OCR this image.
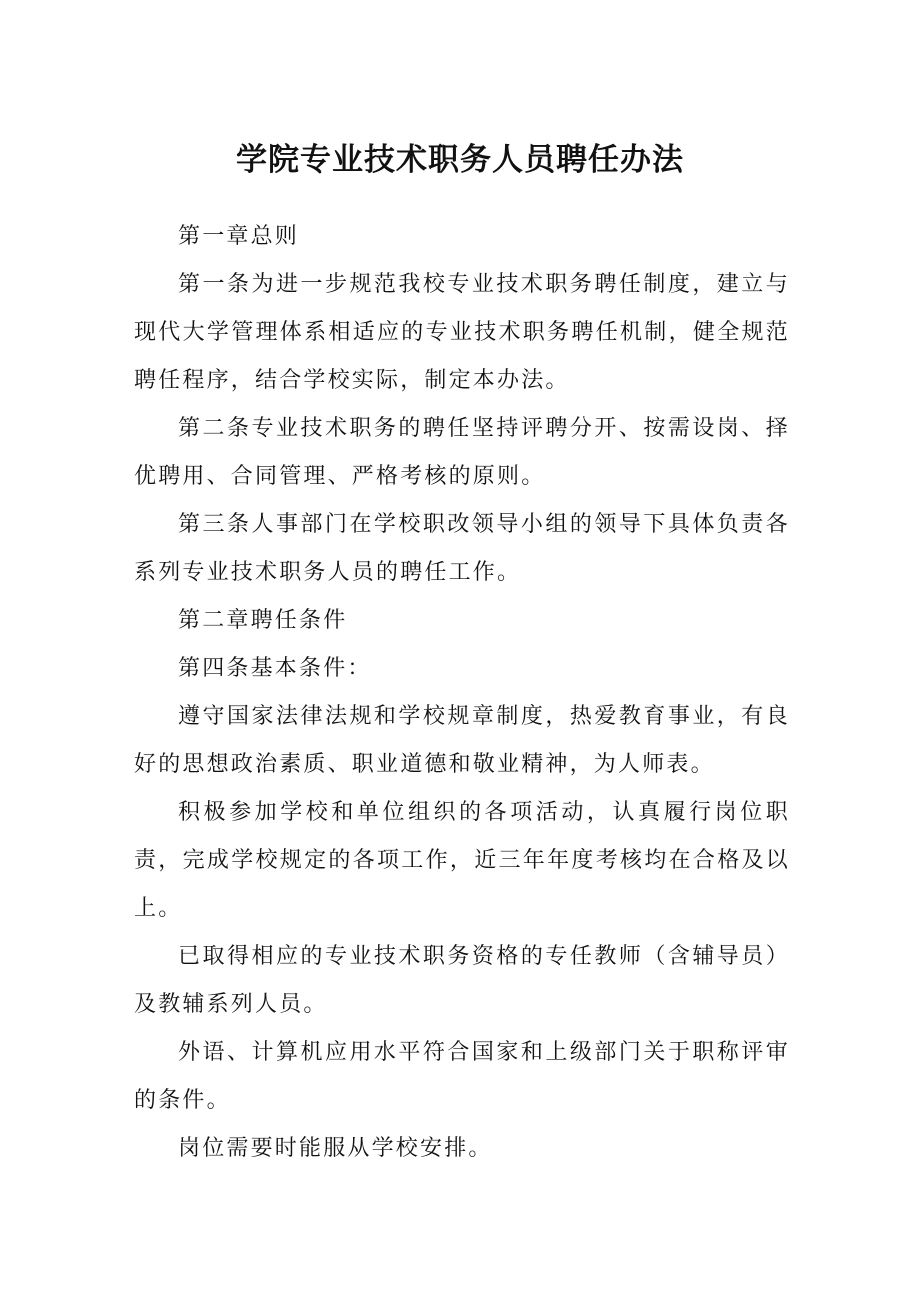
学院专业技术职务人员聘任办法

第一章总则

第一条为进一步规范我校专业技术职务聘任制度，建立与现代大学管理体系相适应的专业技术职务聘任机制，健全规范聘任程序，结合学校实际，制定本办法。

第二条专业技术职务的聘任坚持评聘分开、按需设岗、择优聘用、合同管理、严格考核的原则。

第三条人事部门在学校职改领导小组的领导下具体负责各系列专业技术职务人员的聘任工作。

第二章聘任条件

第四条基本条件：

遵守国家法律法规和学校规章制度，热爱教育事业，有良好的思想政治素质、职业道德和敬业精神，为人师表。

积极参加学校和单位组织的各项活动，认真履行岗位职责，完成学校规定的各项工作，近三年年度考核均在合格及以上。

已取得相应的专业技术职务资格的专任教师（含辅导员）及教辅系列人员。

外语、计算机应用水平符合国家和上级部门关于职称评审的条件。

岗位需要时能服从学校安排。
